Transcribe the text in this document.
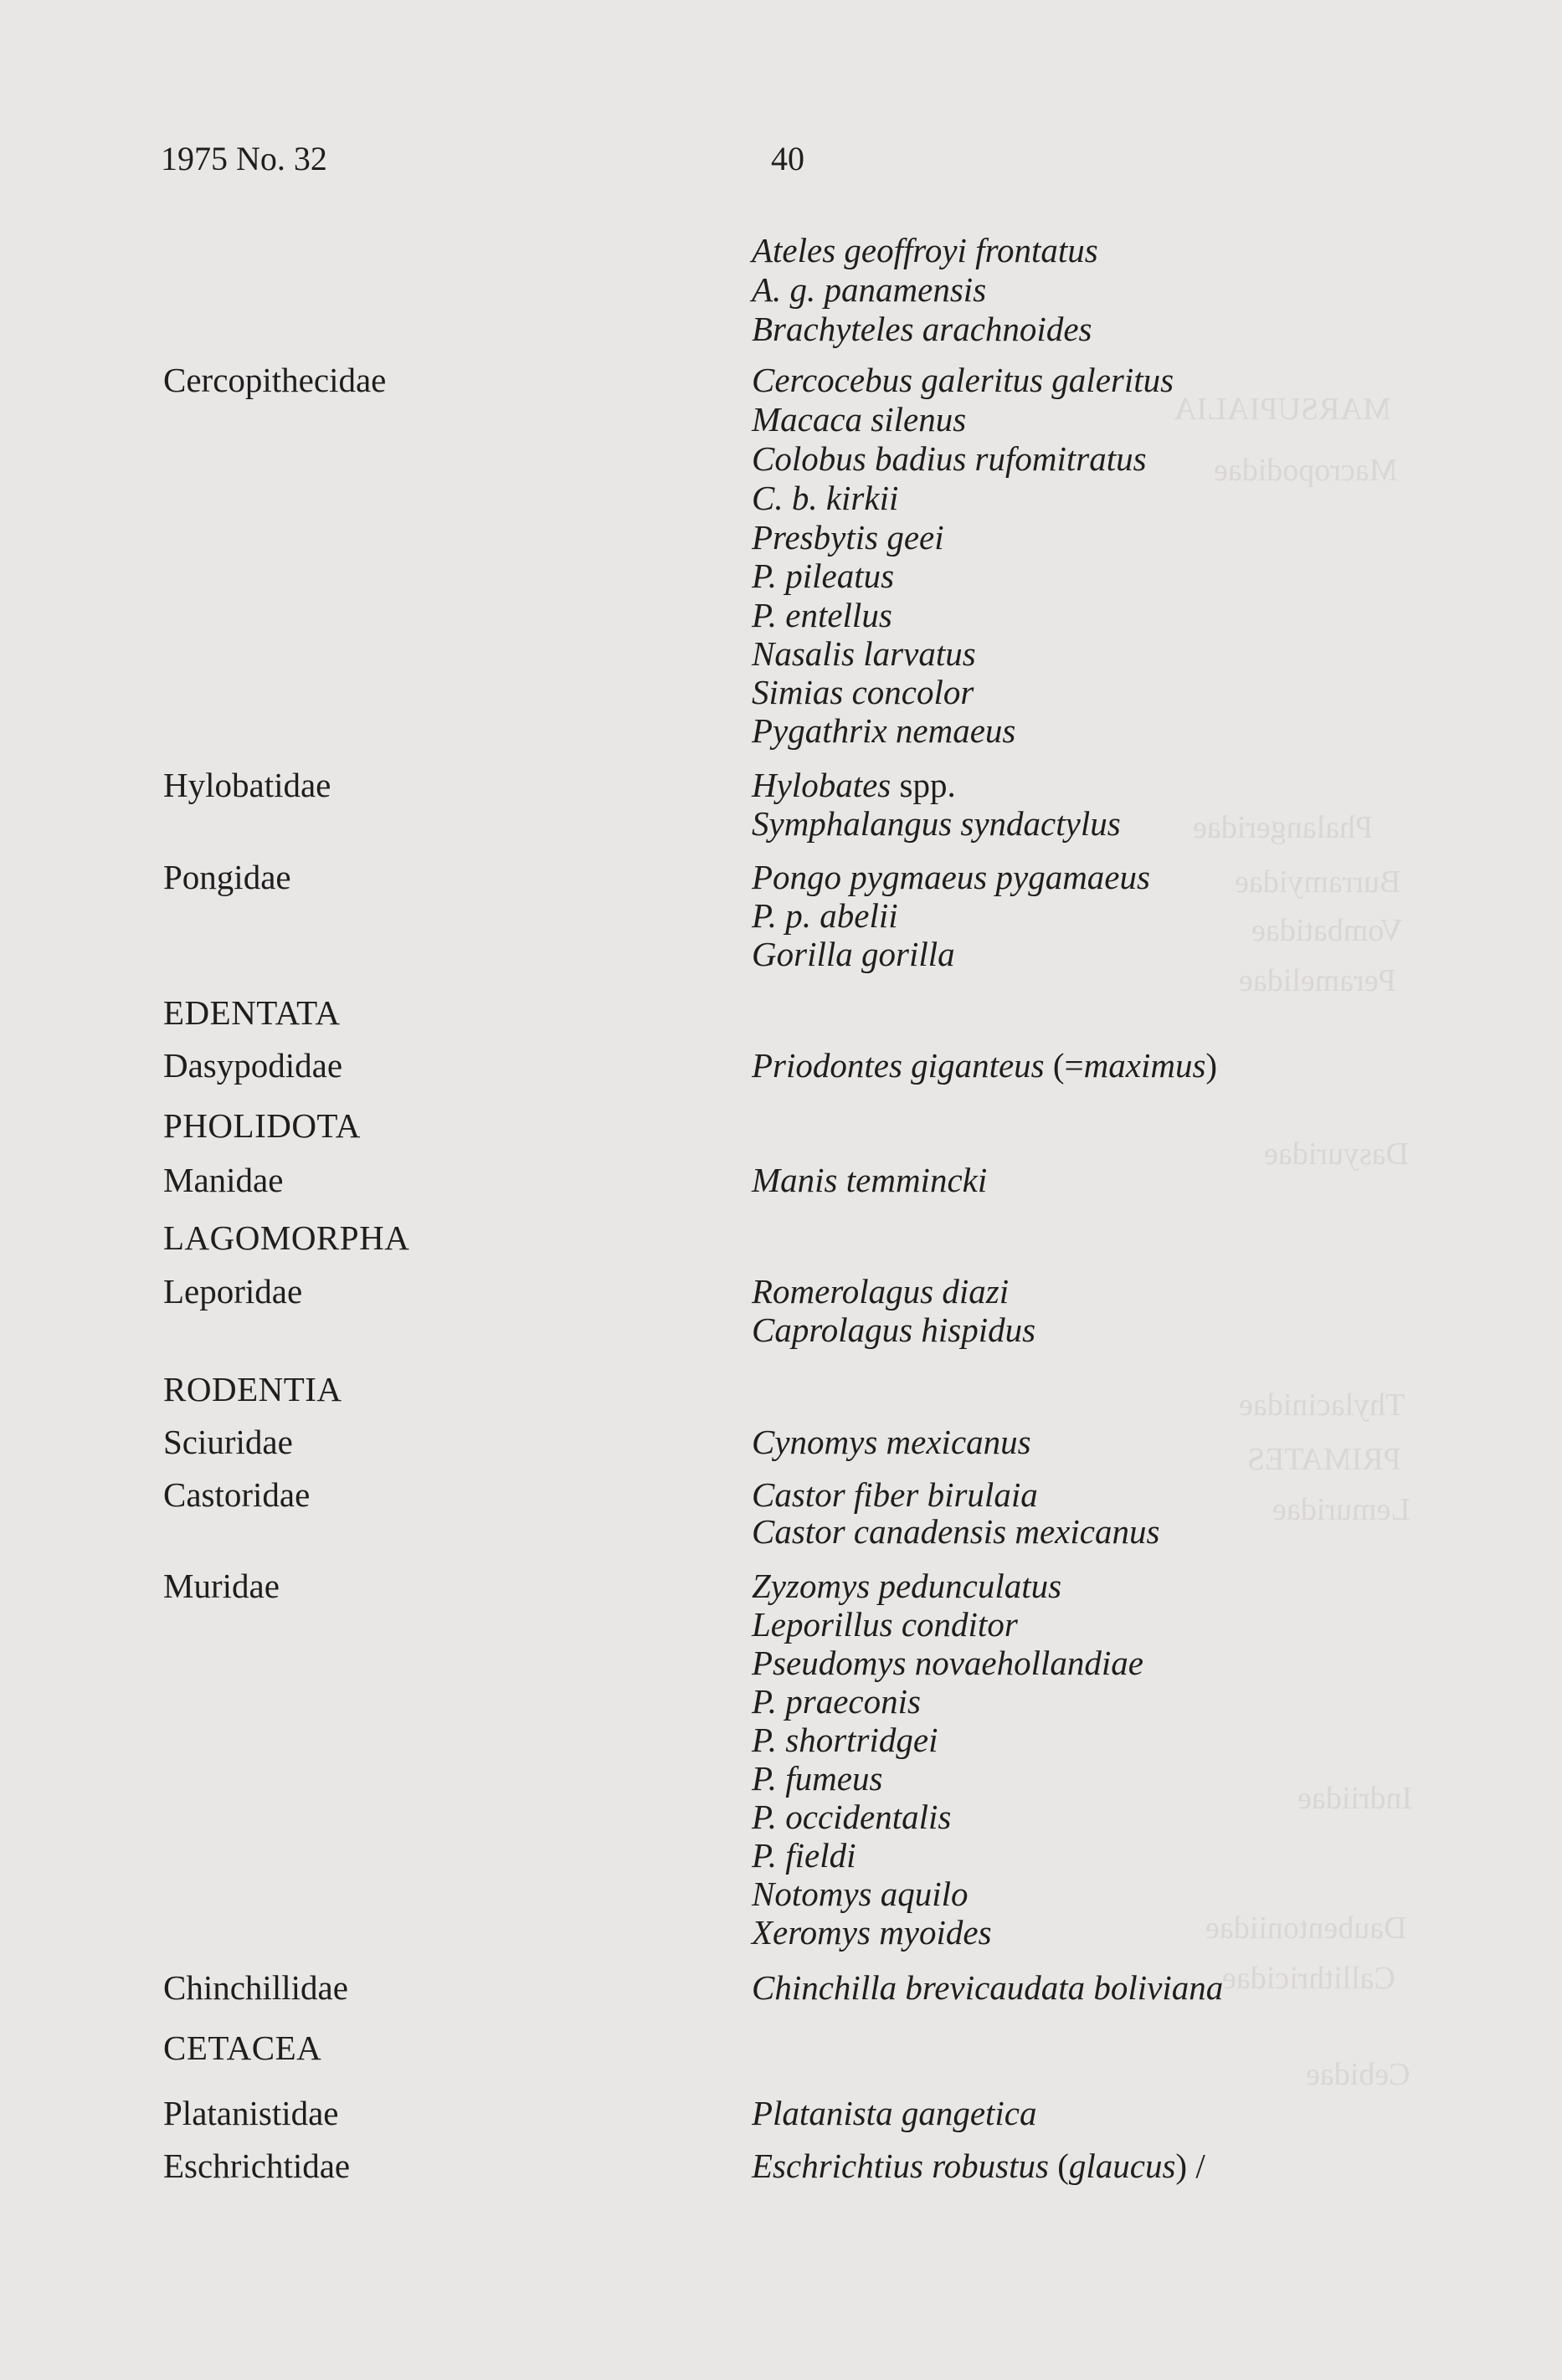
MARSUPIALIA
Macropodidae
Phalangeridae
Burramyidae
Vombatidae
Peramelidae
Dasyuridae
Thylacinidae
PRIMATES
Lemuridae
Indriidae
Daubentoniidae
Callithricidae
Cebidae
1975 No. 32	40
Ateles geoffroyi frontatus
A. g. panamensis
Brachyteles arachnoides
Cercopithecidae	Cercocebus galeritus galeritus
Macaca silenus
Colobus badius rufomitratus
C. b. kirkii
Presbytis geei
P. pileatus
P. entellus
Nasalis larvatus
Simias concolor
Pygathrix nemaeus
Hylobatidae	Hylobates spp.
Symphalangus syndactylus
Pongidae	Pongo pygmaeus pygamaeus
P. p. abelii
Gorilla gorilla
EDENTATA
Dasypodidae	Priodontes giganteus (=maximus)
PHOLIDOTA
Manidae	Manis temmincki
LAGOMORPHA
Leporidae	Romerolagus diazi
Caprolagus hispidus
RODENTIA
Sciuridae	Cynomys mexicanus
Castoridae	Castor fiber birulaia
Castor canadensis mexicanus
Muridae	Zyzomys pedunculatus
Leporillus conditor
Pseudomys novaehollandiae
P. praeconis
P. shortridgei
P. fumeus
P. occidentalis
P. fieldi
Notomys aquilo
Xeromys myoides
Chinchillidae	Chinchilla brevicaudata boliviana
CETACEA
Platanistidae	Platanista gangetica
Eschrichtidae	Eschrichtius robustus (glaucus) /
